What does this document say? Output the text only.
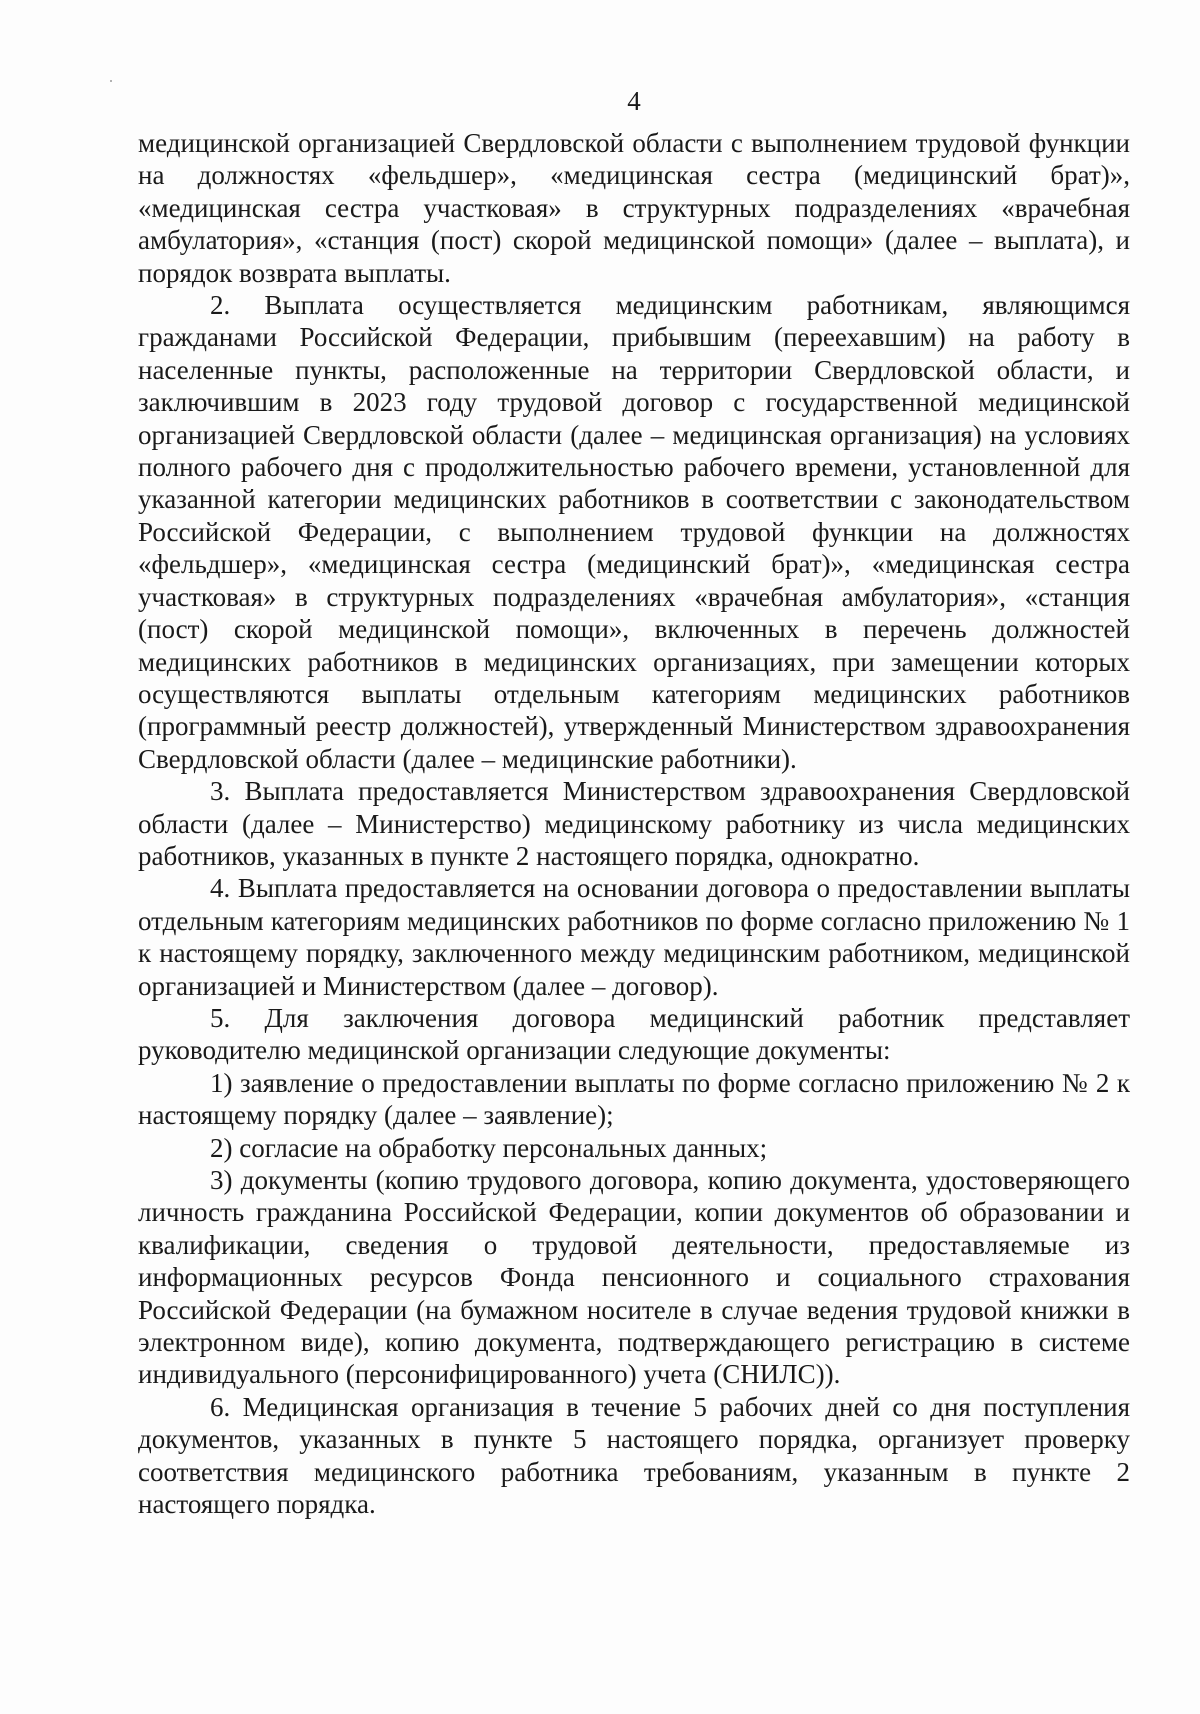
4

медицинской организацией Свердловской области с выполнением трудовой функции на должностях «фельдшер», «медицинская сестра (медицинский брат)», «медицинская сестра участковая» в структурных подразделениях «врачебная амбулатория», «станция (пост) скорой медицинской помощи» (далее – выплата), и порядок возврата выплаты.

2. Выплата осуществляется медицинским работникам, являющимся гражданами Российской Федерации, прибывшим (переехавшим) на работу в населенные пункты, расположенные на территории Свердловской области, и заключившим в 2023 году трудовой договор с государственной медицинской организацией Свердловской области (далее – медицинская организация) на условиях полного рабочего дня с продолжительностью рабочего времени, установленной для указанной категории медицинских работников в соответствии с законодательством Российской Федерации, с выполнением трудовой функции на должностях «фельдшер», «медицинская сестра (медицинский брат)», «медицинская сестра участковая» в структурных подразделениях «врачебная амбулатория», «станция (пост) скорой медицинской помощи», включенных в перечень должностей медицинских работников в медицинских организациях, при замещении которых осуществляются выплаты отдельным категориям медицинских работников (программный реестр должностей), утвержденный Министерством здравоохранения Свердловской области (далее – медицинские работники).

3. Выплата предоставляется Министерством здравоохранения Свердловской области (далее – Министерство) медицинскому работнику из числа медицинских работников, указанных в пункте 2 настоящего порядка, однократно.

4. Выплата предоставляется на основании договора о предоставлении выплаты отдельным категориям медицинских работников по форме согласно приложению № 1 к настоящему порядку, заключенного между медицинским работником, медицинской организацией и Министерством (далее – договор).

5. Для заключения договора медицинский работник представляет руководителю медицинской организации следующие документы:

1) заявление о предоставлении выплаты по форме согласно приложению № 2 к настоящему порядку (далее – заявление);

2) согласие на обработку персональных данных;

3) документы (копию трудового договора, копию документа, удостоверяющего личность гражданина Российской Федерации, копии документов об образовании и квалификации, сведения о трудовой деятельности, предоставляемые из информационных ресурсов Фонда пенсионного и социального страхования Российской Федерации (на бумажном носителе в случае ведения трудовой книжки в электронном виде), копию документа, подтверждающего регистрацию в системе индивидуального (персонифицированного) учета (СНИЛС)).

6. Медицинская организация в течение 5 рабочих дней со дня поступления документов, указанных в пункте 5 настоящего порядка, организует проверку соответствия медицинского работника требованиям, указанным в пункте 2 настоящего порядка.
